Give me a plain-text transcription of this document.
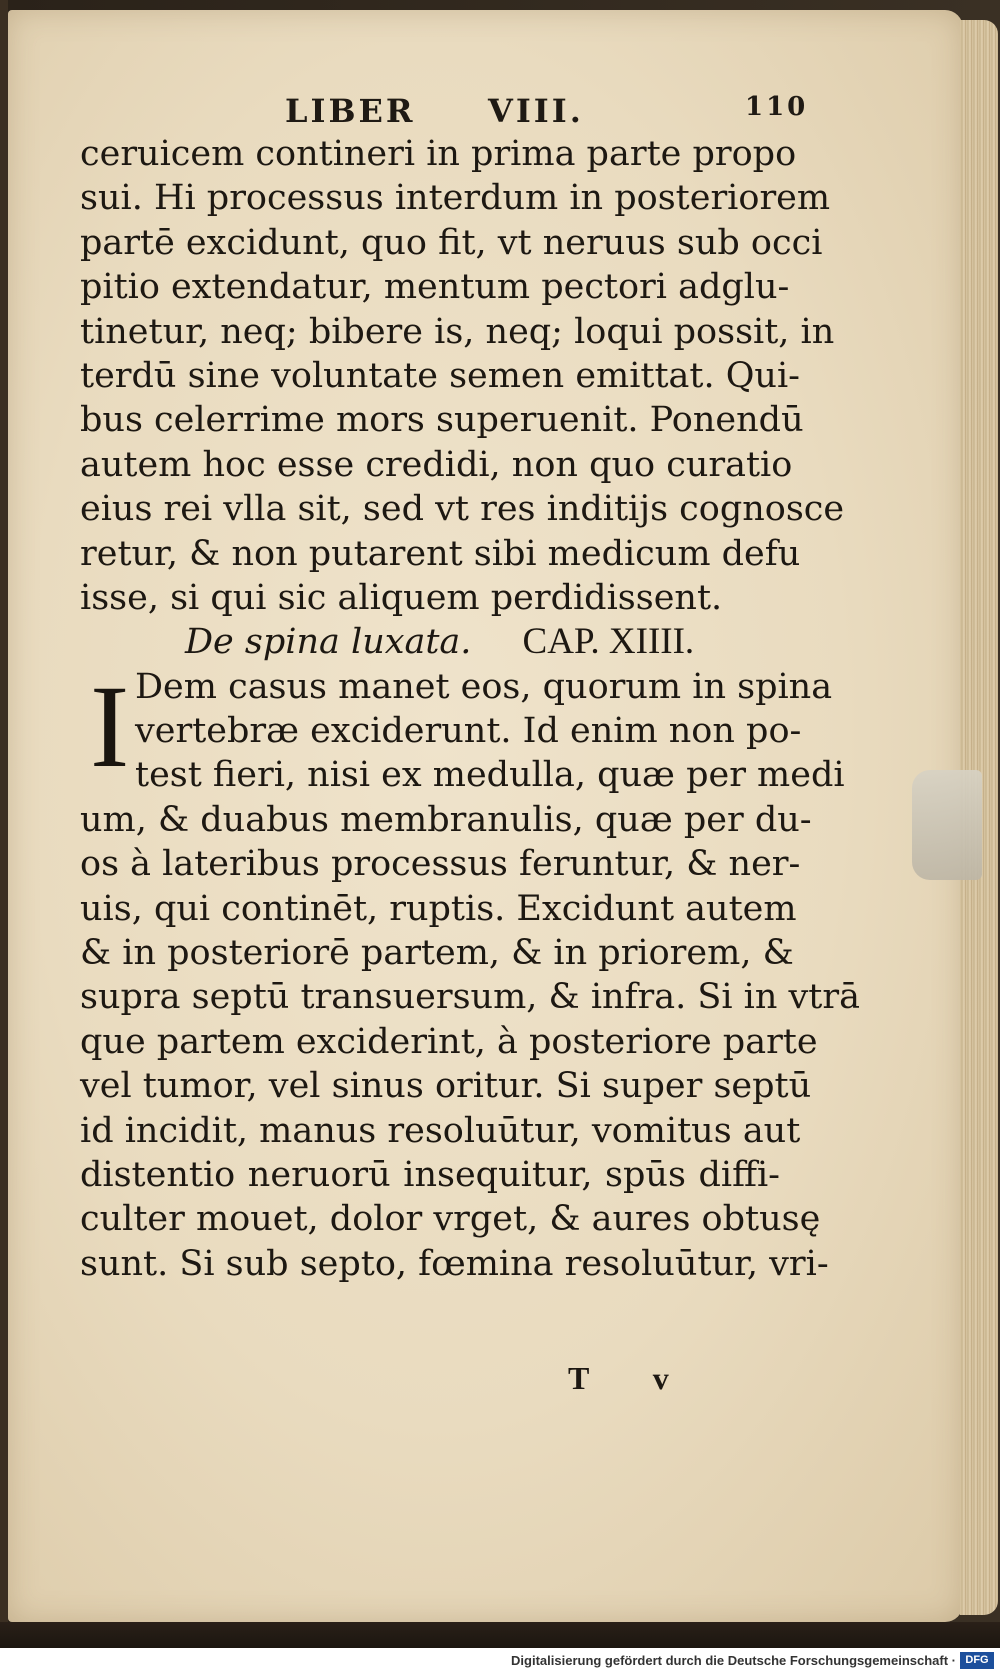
LIBER VIII.	110
ceruicem contineri in prima parte propo
sui. Hi processus interdum in posteriorem
partē excidunt, quo fit, vt neruus sub occi
pitio extendatur, mentum pectori adglu-
tinetur, neq; bibere is, neq; loqui possit, in
terdū sine voluntate semen emittat. Qui-
bus celerrime mors superuenit. Ponendū
autem hoc esse credidi, non quo curatio
eius rei vlla sit, sed vt res inditijs cognosce
retur, & non putarent sibi medicum defu
isse, si qui sic aliquem perdidissent.
De spina luxata. CAP. XIIII.
I Dem casus manet eos, quorum in spina
vertebræ exciderunt. Id enim non po-
test fieri, nisi ex medulla, quæ per medi
um, & duabus membranulis, quæ per du-
os à lateribus processus feruntur, & ner-
uis, qui continēt, ruptis. Excidunt autem
& in posteriorē partem, & in priorem, &
supra septū transuersum, & infra. Si in vtrā
que partem exciderint, à posteriore parte
vel tumor, vel sinus oritur. Si super septū
id incidit, manus resoluūtur, vomitus aut
distentio neruorū insequitur, spūs diffi-
culter mouet, dolor vrget, & aures obtusę
sunt. Si sub septo, fœmina resoluūtur, vri-
T v
Digitalisierung gefördert durch die Deutsche Forschungsgemeinschaft · DFG
